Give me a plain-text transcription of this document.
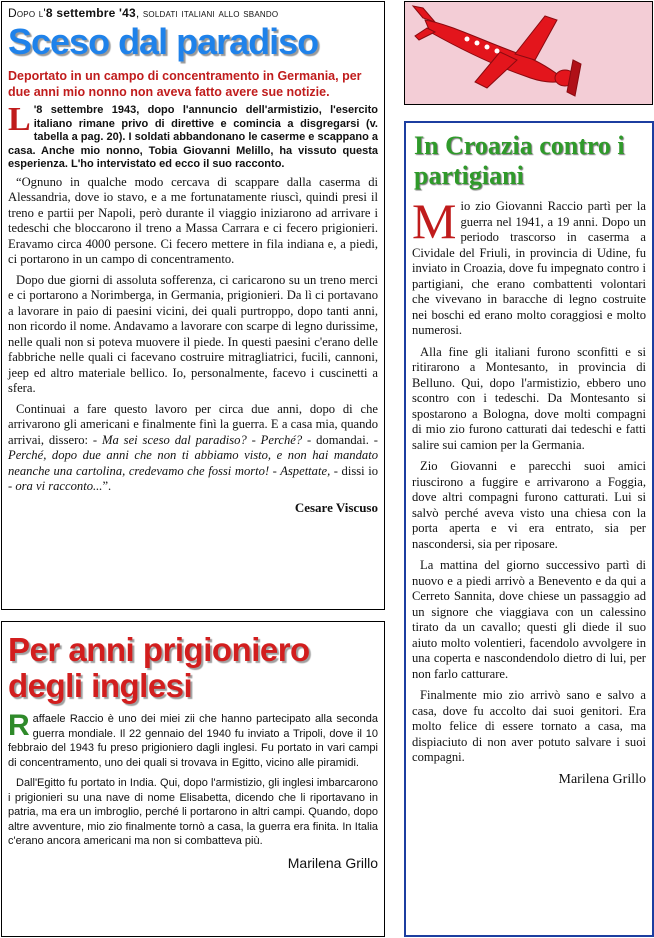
Dopo l'8 settembre '43, soldati italiani allo sbando

Sceso dal paradiso

Deportato in un campo di concentramento in Germania, per due anni mio nonno non aveva fatto avere sue notizie.

L '8 settembre 1943, dopo l'annuncio dell'armistizio, l'esercito italiano rimane privo di direttive e comincia a disgregarsi (v. tabella a pag. 20). I soldati abbandonano le caserme e scappano a casa. Anche mio nonno, Tobia Giovanni Melillo, ha vissuto questa esperienza. L'ho intervistato ed ecco il suo racconto.

“Ognuno in qualche modo cercava di scappare dalla caserma di Alessandria, dove io stavo, e a me fortunatamente riuscì, quindi presi il treno e partii per Napoli, però durante il viaggio iniziarono ad arrivare i tedeschi che bloccarono il treno a Massa Carrara e ci fecero prigionieri. Eravamo circa 4000 persone. Ci fecero mettere in fila indiana e, a piedi, ci portarono in un campo di concentramento.

Dopo due giorni di assoluta sofferenza, ci caricarono su un treno merci e ci portarono a Norimberga, in Germania, prigionieri. Da lì ci portavano a lavorare in paio di paesini vicini, dei quali purtroppo, dopo tanti anni, non ricordo il nome. Andavamo a lavorare con scarpe di legno durissime, nelle quali non si poteva muovere il piede. In questi paesini c'erano delle fabbriche nelle quali ci facevano costruire mitragliatrici, fucili, cannoni, jeep ed altro materiale bellico. Io, personalmente, facevo i cuscinetti a sfera.

Continuai a fare questo lavoro per circa due anni, dopo di che arrivarono gli americani e finalmente finì la guerra. E a casa mia, quando arrivai, dissero: - Ma sei sceso dal paradiso? - Perché? - domandai. - Perché, dopo due anni che non ti abbiamo visto, e non hai mandato neanche una cartolina, credevamo che fossi morto! - Aspettate, - dissi io - ora vi racconto...”.

Cesare Viscuso

Per anni prigioniero degli inglesi

Raffaele Raccio è uno dei miei zii che hanno partecipato alla seconda guerra mondiale. Il 22 gennaio del 1940 fu inviato a Tripoli, dove il 10 febbraio del 1943 fu preso prigioniero dagli inglesi. Fu portato in vari campi di concentramento, uno dei quali si trovava in Egitto, vicino alle piramidi.

Dall'Egitto fu portato in India. Qui, dopo l'armistizio, gli inglesi imbarcarono i prigionieri su una nave di nome Elisabetta, dicendo che li riportavano in patria, ma era un imbroglio, perché li portarono in altri campi. Quando, dopo altre avventure, mio zio finalmente tornò a casa, la guerra era finita. In Italia c'erano ancora americani ma non si combatteva più.

Marilena Grillo

In Croazia contro i partigiani

Mio zio Giovanni Raccio partì per la guerra nel 1941, a 19 anni. Dopo un periodo trascorso in caserma a Cividale del Friuli, in provincia di Udine, fu inviato in Croazia, dove fu impegnato contro i partigiani, che erano combattenti volontari che vivevano in baracche di legno costruite nei boschi ed erano molto coraggiosi e molto numerosi.

Alla fine gli italiani furono sconfitti e si ritirarono a Montesanto, in provincia di Belluno. Qui, dopo l'armistizio, ebbero uno scontro con i tedeschi. Da Montesanto si spostarono a Bologna, dove molti compagni di mio zio furono catturati dai tedeschi e fatti salire sui camion per la Germania.

Zio Giovanni e parecchi suoi amici riuscirono a fuggire e arrivarono a Foggia, dove altri compagni furono catturati. Lui si salvò perché aveva visto una chiesa con la porta aperta e vi era entrato, sia per nascondersi, sia per riposare.

La mattina del giorno successivo partì di nuovo e a piedi arrivò a Benevento e da qui a Cerreto Sannita, dove chiese un passaggio ad un signore che viaggiava con un calessino tirato da un cavallo; questi gli diede il suo aiuto molto volentieri, facendolo avvolgere in una coperta e nascondendolo dietro di lui, per non farlo catturare.

Finalmente mio zio arrivò sano e salvo a casa, dove fu accolto dai suoi genitori. Era molto felice di essere tornato a casa, ma dispiaciuto di non aver potuto salvare i suoi compagni.

Marilena Grillo
